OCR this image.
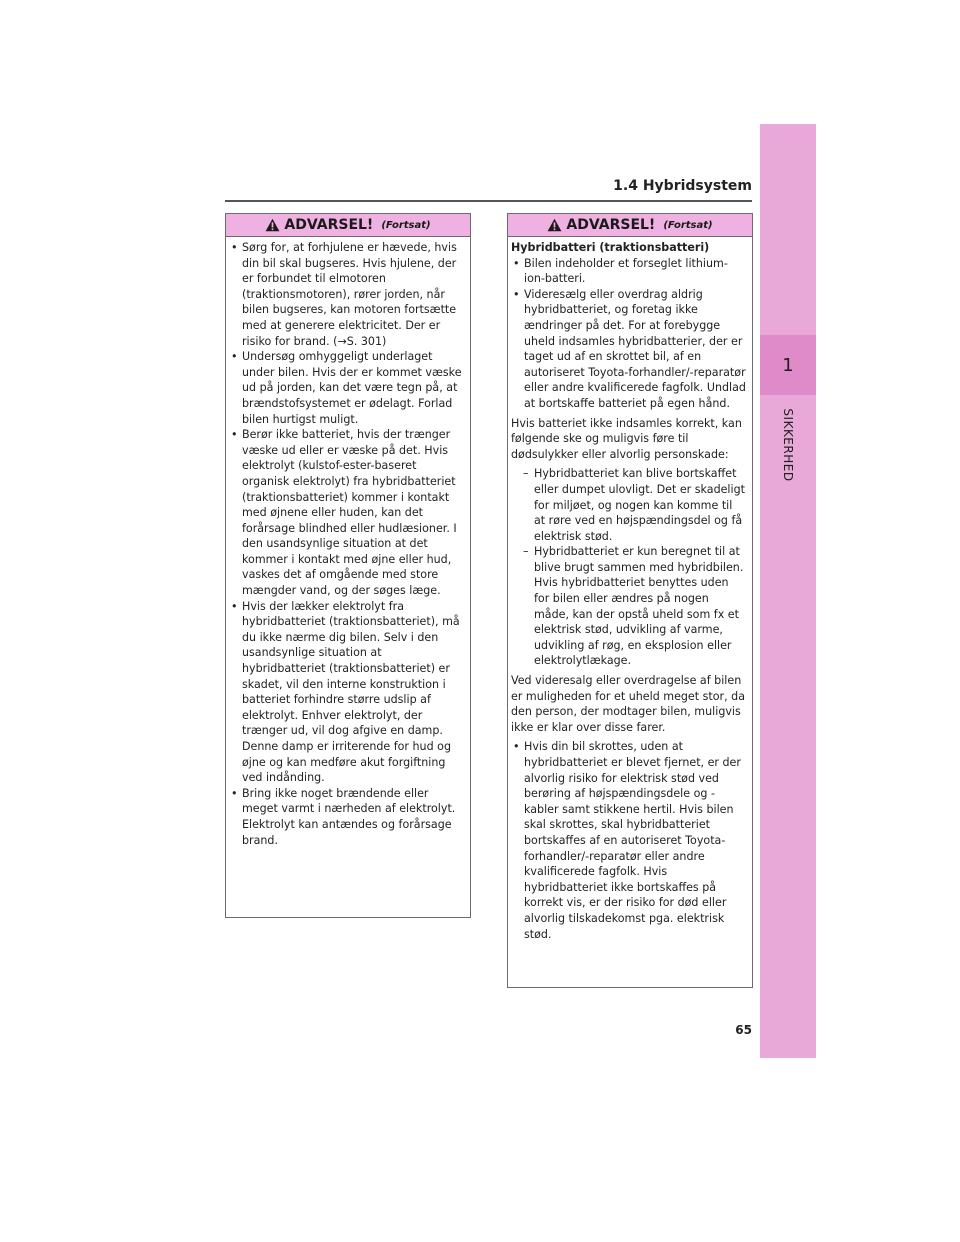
1.4 Hybridsystem
1
SIKKERHED
ADVARSEL! (Fortsat)

• Sørg for, at forhjulene er hævede, hvis din bil skal bugseres. Hvis hjulene, der er forbundet til elmotoren (traktionsmotoren), rører jorden, når bilen bugseres, kan motoren fortsætte med at generere elektricitet. Der er risiko for brand. (→S. 301)

• Undersøg omhyggeligt underlaget under bilen. Hvis der er kommet væske ud på jorden, kan det være tegn på, at brændstofsystemet er ødelagt. Forlad bilen hurtigst muligt.

• Berør ikke batteriet, hvis der trænger væske ud eller er væske på det. Hvis elektrolyt (kulstof-ester-baseret organisk elektrolyt) fra hybridbatteriet (traktionsbatteriet) kommer i kontakt med øjnene eller huden, kan det forårsage blindhed eller hudlæsioner. I den usandsynlige situation at det kommer i kontakt med øjne eller hud, vaskes det af omgående med store mængder vand, og der søges læge.

• Hvis der lækker elektrolyt fra hybridbatteriet (traktionsbatteriet), må du ikke nærme dig bilen. Selv i den usandsynlige situation at hybridbatteriet (traktionsbatteriet) er skadet, vil den interne konstruktion i batteriet forhindre større udslip af elektrolyt. Enhver elektrolyt, der trænger ud, vil dog afgive en damp. Denne damp er irriterende for hud og øjne og kan medføre akut forgiftning ved indånding.

• Bring ikke noget brændende eller meget varmt i nærheden af elektrolyt. Elektrolyt kan antændes og forårsage brand.

ADVARSEL! (Fortsat)

Hybridbatteri (traktionsbatteri)

• Bilen indeholder et forseglet lithium-ion-batteri.

• Videresælg eller overdrag aldrig hybridbatteriet, og foretag ikke ændringer på det. For at forebygge uheld indsamles hybridbatterier, der er taget ud af en skrottet bil, af en autoriseret Toyota-forhandler/-reparatør eller andre kvalificerede fagfolk. Undlad at bortskaffe batteriet på egen hånd.

Hvis batteriet ikke indsamles korrekt, kan følgende ske og muligvis føre til dødsulykker eller alvorlig personskade:

– Hybridbatteriet kan blive bortskaffet eller dumpet ulovligt. Det er skadeligt for miljøet, og nogen kan komme til at røre ved en højspændingsdel og få elektrisk stød.

– Hybridbatteriet er kun beregnet til at blive brugt sammen med hybridbilen. Hvis hybridbatteriet benyttes uden for bilen eller ændres på nogen måde, kan der opstå uheld som fx et elektrisk stød, udvikling af varme, udvikling af røg, en eksplosion eller elektrolytlækage.

Ved videresalg eller overdragelse af bilen er muligheden for et uheld meget stor, da den person, der modtager bilen, muligvis ikke er klar over disse farer.

• Hvis din bil skrottes, uden at hybridbatteriet er blevet fjernet, er der alvorlig risiko for elektrisk stød ved berøring af højspændingsdele og -kabler samt stikkene hertil. Hvis bilen skal skrottes, skal hybridbatteriet bortskaffes af en autoriseret Toyota-forhandler/-reparatør eller andre kvalificerede fagfolk. Hvis hybridbatteriet ikke bortskaffes på korrekt vis, er der risiko for død eller alvorlig tilskadekomst pga. elektrisk stød.

65
